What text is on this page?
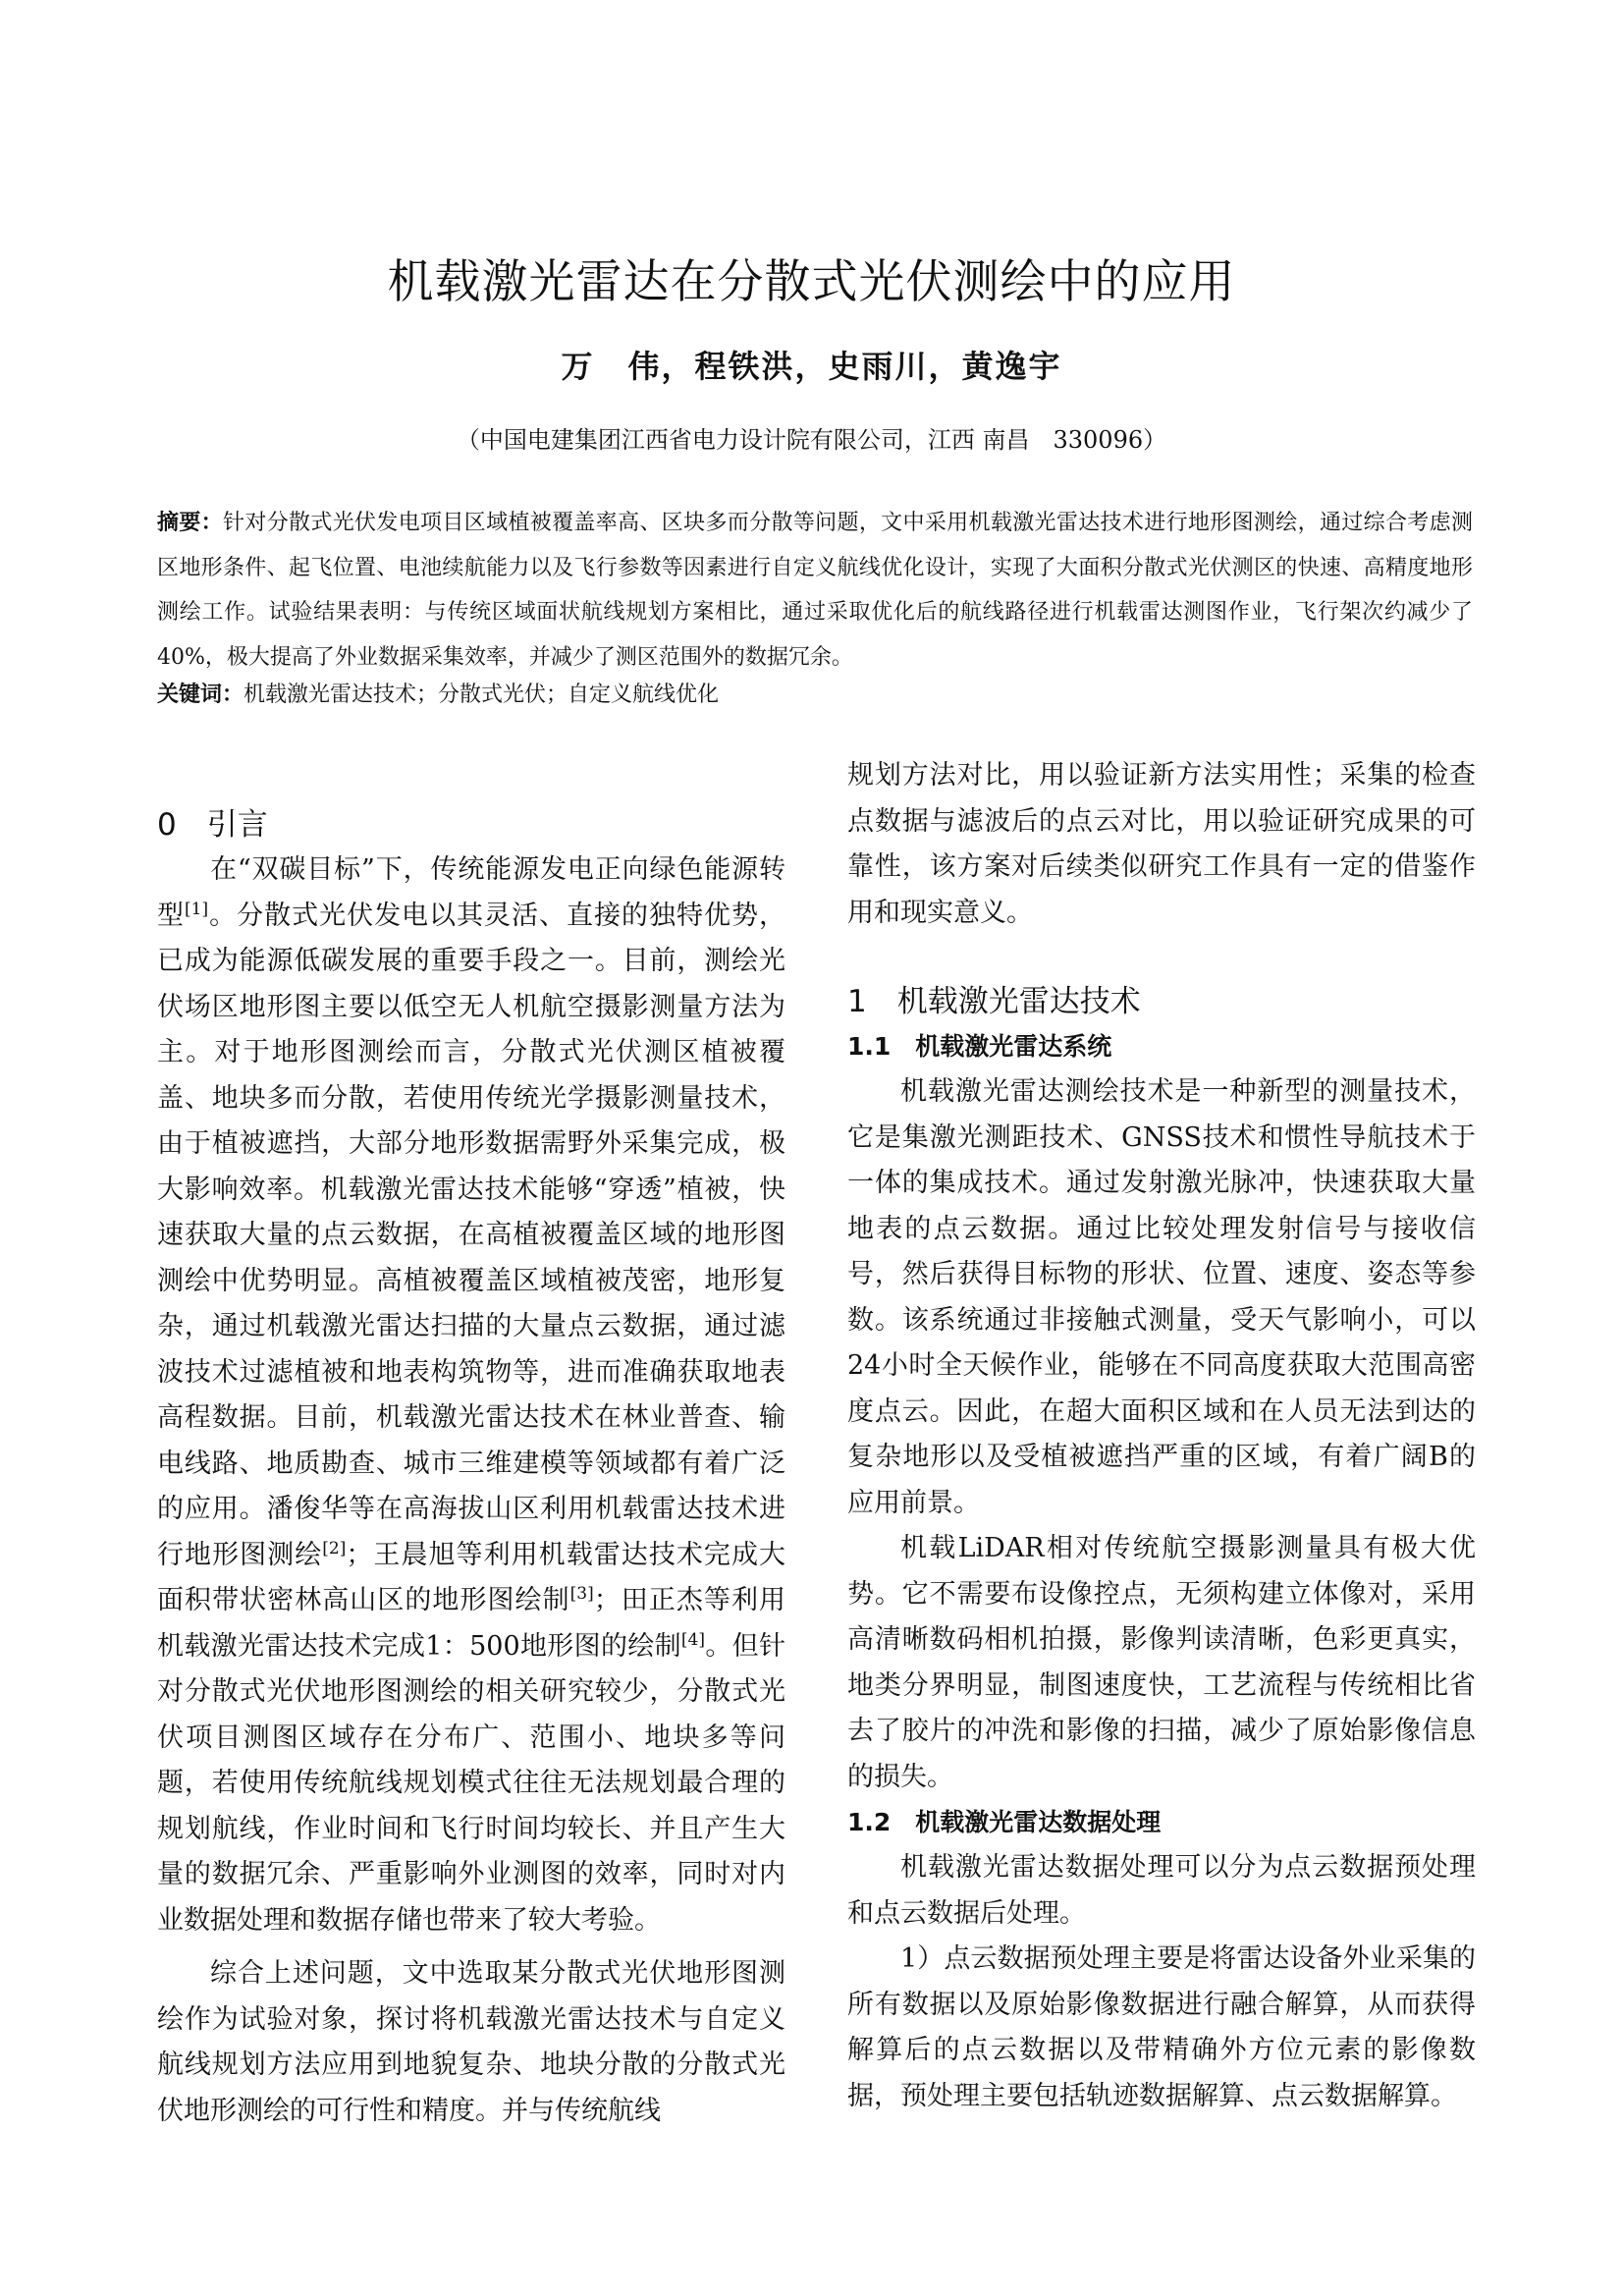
机载激光雷达在分散式光伏测绘中的应用
万　伟，程铁洪，史雨川，黄逸宇
（中国电建集团江西省电力设计院有限公司，江西 南昌　330096）
摘要：针对分散式光伏发电项目区域植被覆盖率高、区块多而分散等问题，文中采用机载激光雷达技术进行地形图测绘，通过综合考虑测区地形条件、起飞位置、电池续航能力以及飞行参数等因素进行自定义航线优化设计，实现了大面积分散式光伏测区的快速、高精度地形测绘工作。试验结果表明：与传统区域面状航线规划方案相比，通过采取优化后的航线路径进行机载雷达测图作业，飞行架次约减少了40%，极大提高了外业数据采集效率，并减少了测区范围外的数据冗余。
关键词：机载激光雷达技术；分散式光伏；自定义航线优化
0　引言

在“双碳目标”下，传统能源发电正向绿色能源转型[1]。分散式光伏发电以其灵活、直接的独特优势，已成为能源低碳发展的重要手段之一。目前，测绘光伏场区地形图主要以低空无人机航空摄影测量方法为主。对于地形图测绘而言，分散式光伏测区植被覆盖、地块多而分散，若使用传统光学摄影测量技术，由于植被遮挡，大部分地形数据需野外采集完成，极大影响效率。机载激光雷达技术能够“穿透”植被，快速获取大量的点云数据，在高植被覆盖区域的地形图测绘中优势明显。高植被覆盖区域植被茂密，地形复杂，通过机载激光雷达扫描的大量点云数据，通过滤波技术过滤植被和地表构筑物等，进而准确获取地表高程数据。目前，机载激光雷达技术在林业普查、输电线路、地质勘查、城市三维建模等领域都有着广泛的应用。潘俊华等在高海拔山区利用机载雷达技术进行地形图测绘[2]；王晨旭等利用机载雷达技术完成大面积带状密林高山区的地形图绘制[3]；田正杰等利用机载激光雷达技术完成1：500地形图的绘制[4]。但针对分散式光伏地形图测绘的相关研究较少，分散式光伏项目测图区域存在分布广、范围小、地块多等问题，若使用传统航线规划模式往往无法规划最合理的规划航线，作业时间和飞行时间均较长、并且产生大量的数据冗余、严重影响外业测图的效率，同时对内业数据处理和数据存储也带来了较大考验。

综合上述问题，文中选取某分散式光伏地形图测绘作为试验对象，探讨将机载激光雷达技术与自定义航线规划方法应用到地貌复杂、地块分散的分散式光伏地形测绘的可行性和精度。并与传统航线

规划方法对比，用以验证新方法实用性；采集的检查点数据与滤波后的点云对比，用以验证研究成果的可靠性，该方案对后续类似研究工作具有一定的借鉴作用和现实意义。

1　机载激光雷达技术
1.1　机载激光雷达系统

机载激光雷达测绘技术是一种新型的测量技术，它是集激光测距技术、GNSS技术和惯性导航技术于一体的集成技术。通过发射激光脉冲，快速获取大量地表的点云数据。通过比较处理发射信号与接收信号，然后获得目标物的形状、位置、速度、姿态等参数。该系统通过非接触式测量，受天气影响小，可以24小时全天候作业，能够在不同高度获取大范围高密度点云。因此，在超大面积区域和在人员无法到达的复杂地形以及受植被遮挡严重的区域，有着广阔B的应用前景。

机载LiDAR相对传统航空摄影测量具有极大优势。它不需要布设像控点，无须构建立体像对，采用高清晰数码相机拍摄，影像判读清晰，色彩更真实，地类分界明显，制图速度快，工艺流程与传统相比省去了胶片的冲洗和影像的扫描，减少了原始影像信息的损失。

1.2　机载激光雷达数据处理

机载激光雷达数据处理可以分为点云数据预处理和点云数据后处理。

1）点云数据预处理主要是将雷达设备外业采集的所有数据以及原始影像数据进行融合解算，从而获得解算后的点云数据以及带精确外方位元素的影像数据，预处理主要包括轨迹数据解算、点云数据解算。
